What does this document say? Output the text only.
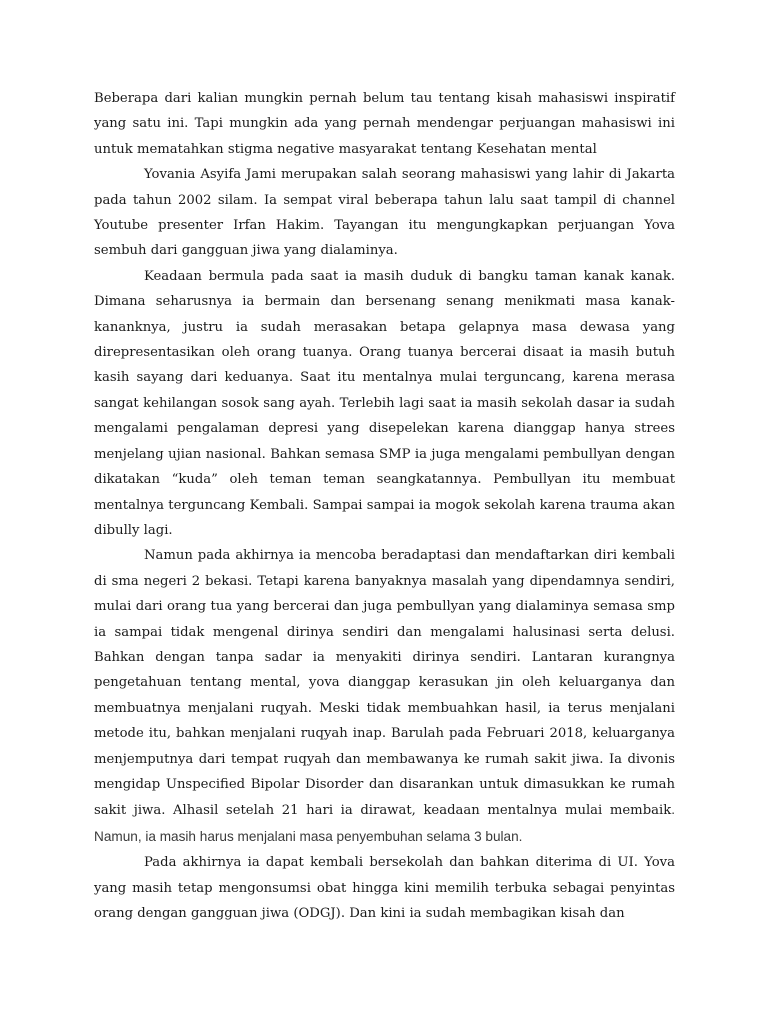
Beberapa dari kalian mungkin pernah belum tau tentang kisah mahasiswi inspiratif yang satu ini. Tapi mungkin ada yang pernah mendengar perjuangan mahasiswi ini untuk mematahkan stigma negative masyarakat tentang Kesehatan mental

Yovania Asyifa Jami merupakan salah seorang mahasiswi yang lahir di Jakarta pada tahun 2002 silam. Ia sempat viral beberapa tahun lalu saat tampil di channel Youtube presenter Irfan Hakim. Tayangan itu mengungkapkan perjuangan Yova sembuh dari gangguan jiwa yang dialaminya.

Keadaan bermula pada saat ia masih duduk di bangku taman kanak kanak. Dimana seharusnya ia bermain dan bersenang senang menikmati masa kanak-kananknya, justru ia sudah merasakan betapa gelapnya masa dewasa yang direpresentasikan oleh orang tuanya. Orang tuanya bercerai disaat ia masih butuh kasih sayang dari keduanya. Saat itu mentalnya mulai terguncang, karena merasa sangat kehilangan sosok sang ayah. Terlebih lagi saat ia masih sekolah dasar ia sudah mengalami pengalaman depresi yang disepelekan karena dianggap hanya strees menjelang ujian nasional. Bahkan semasa SMP ia juga mengalami pembullyan dengan dikatakan “kuda” oleh teman teman seangkatannya. Pembullyan itu membuat mentalnya terguncang Kembali. Sampai sampai ia mogok sekolah karena trauma akan dibully lagi.

Namun pada akhirnya ia mencoba beradaptasi dan mendaftarkan diri kembali di sma negeri 2 bekasi. Tetapi karena banyaknya masalah yang dipendamnya sendiri, mulai dari orang tua yang bercerai dan juga pembullyan yang dialaminya semasa smp ia sampai tidak mengenal dirinya sendiri dan mengalami halusinasi serta delusi. Bahkan dengan tanpa sadar ia menyakiti dirinya sendiri. Lantaran kurangnya pengetahuan tentang mental, yova dianggap kerasukan jin oleh keluarganya dan membuatnya menjalani ruqyah. Meski tidak membuahkan hasil, ia terus menjalani metode itu, bahkan menjalani ruqyah inap. Barulah pada Februari 2018, keluarganya menjemputnya dari tempat ruqyah dan membawanya ke rumah sakit jiwa. Ia divonis mengidap Unspecified Bipolar Disorder dan disarankan untuk dimasukkan ke rumah sakit jiwa. Alhasil setelah 21 hari ia dirawat, keadaan mentalnya mulai membaik. Namun, ia masih harus menjalani masa penyembuhan selama 3 bulan.

Pada akhirnya ia dapat kembali bersekolah dan bahkan diterima di UI. Yova yang masih tetap mengonsumsi obat hingga kini memilih terbuka sebagai penyintas orang dengan gangguan jiwa (ODGJ). Dan kini ia sudah membagikan kisah dan
